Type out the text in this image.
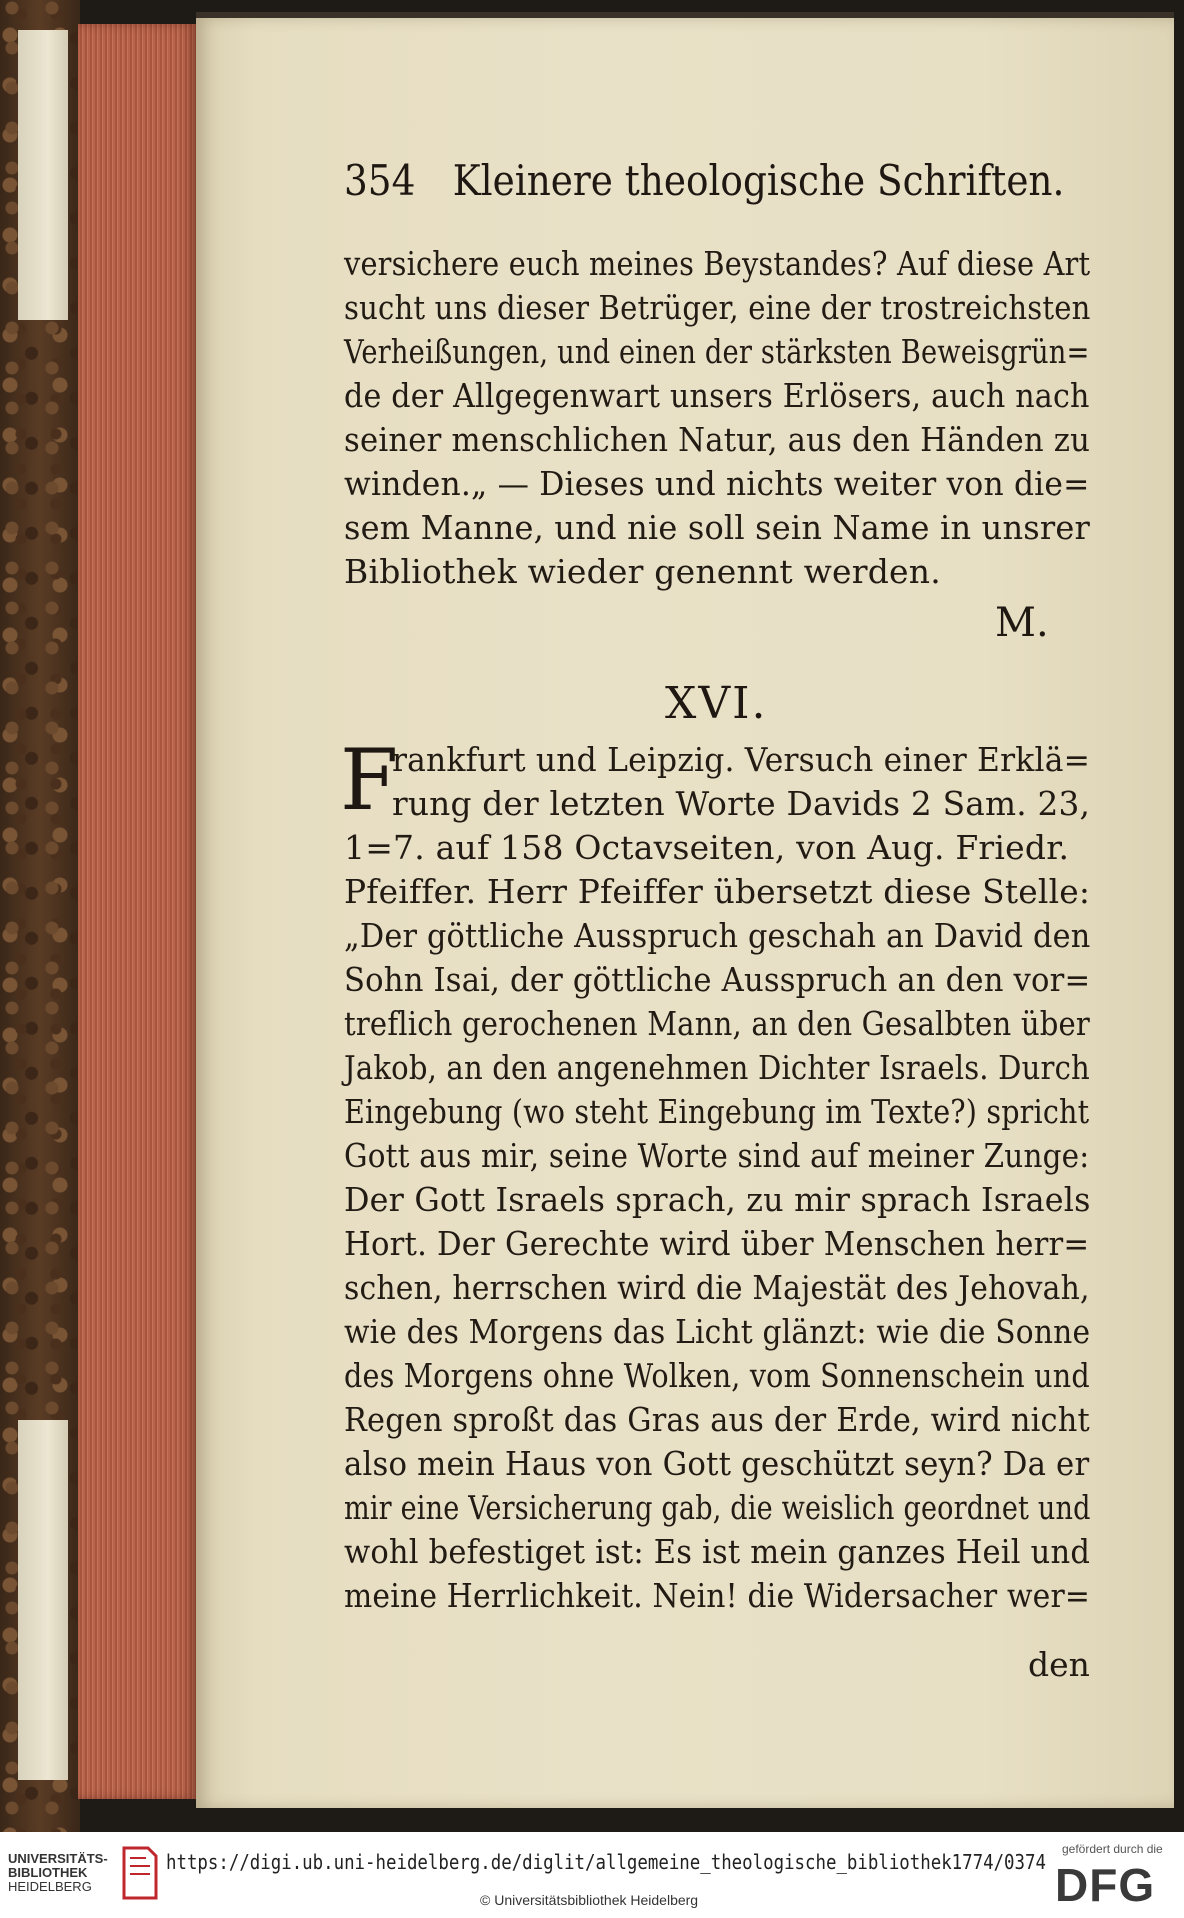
354 Kleinere theologische Schriften.
versichere euch meines Beystandes? Auf diese Art
sucht uns dieser Betrüger, eine der trostreichsten
Verheißungen, und einen der stärksten Beweisgrün=
de der Allgegenwart unsers Erlösers, auch nach
seiner menschlichen Natur, aus den Händen zu
winden.„ — Dieses und nichts weiter von die=
sem Manne, und nie soll sein Name in unsrer
Bibliothek wieder genennt werden.
M.
XVI.
F
rankfurt und Leipzig. Versuch einer Erklä=
rung der letzten Worte Davids 2 Sam. 23,
1=7. auf 158 Octavseiten, von Aug. Friedr.
Pfeiffer. Herr Pfeiffer übersetzt diese Stelle:
„Der göttliche Ausspruch geschah an David den
Sohn Isai, der göttliche Ausspruch an den vor=
treflich gerochenen Mann, an den Gesalbten über
Jakob, an den angenehmen Dichter Israels. Durch
Eingebung (wo steht Eingebung im Texte?) spricht
Gott aus mir, seine Worte sind auf meiner Zunge:
Der Gott Israels sprach, zu mir sprach Israels
Hort. Der Gerechte wird über Menschen herr=
schen, herrschen wird die Majestät des Jehovah,
wie des Morgens das Licht glänzt: wie die Sonne
des Morgens ohne Wolken, vom Sonnenschein und
Regen sproßt das Gras aus der Erde, wird nicht
also mein Haus von Gott geschützt seyn? Da er
mir eine Versicherung gab, die weislich geordnet und
wohl befestiget ist: Es ist mein ganzes Heil und
meine Herrlichkeit. Nein! die Widersacher wer=
den
UNIVERSITÄTS-
BIBLIOTHEK
HEIDELBERG
https://digi.ub.uni-heidelberg.de/diglit/allgemeine_theologische_bibliothek1774/0374
© Universitätsbibliothek Heidelberg
gefördert durch die
DFG
